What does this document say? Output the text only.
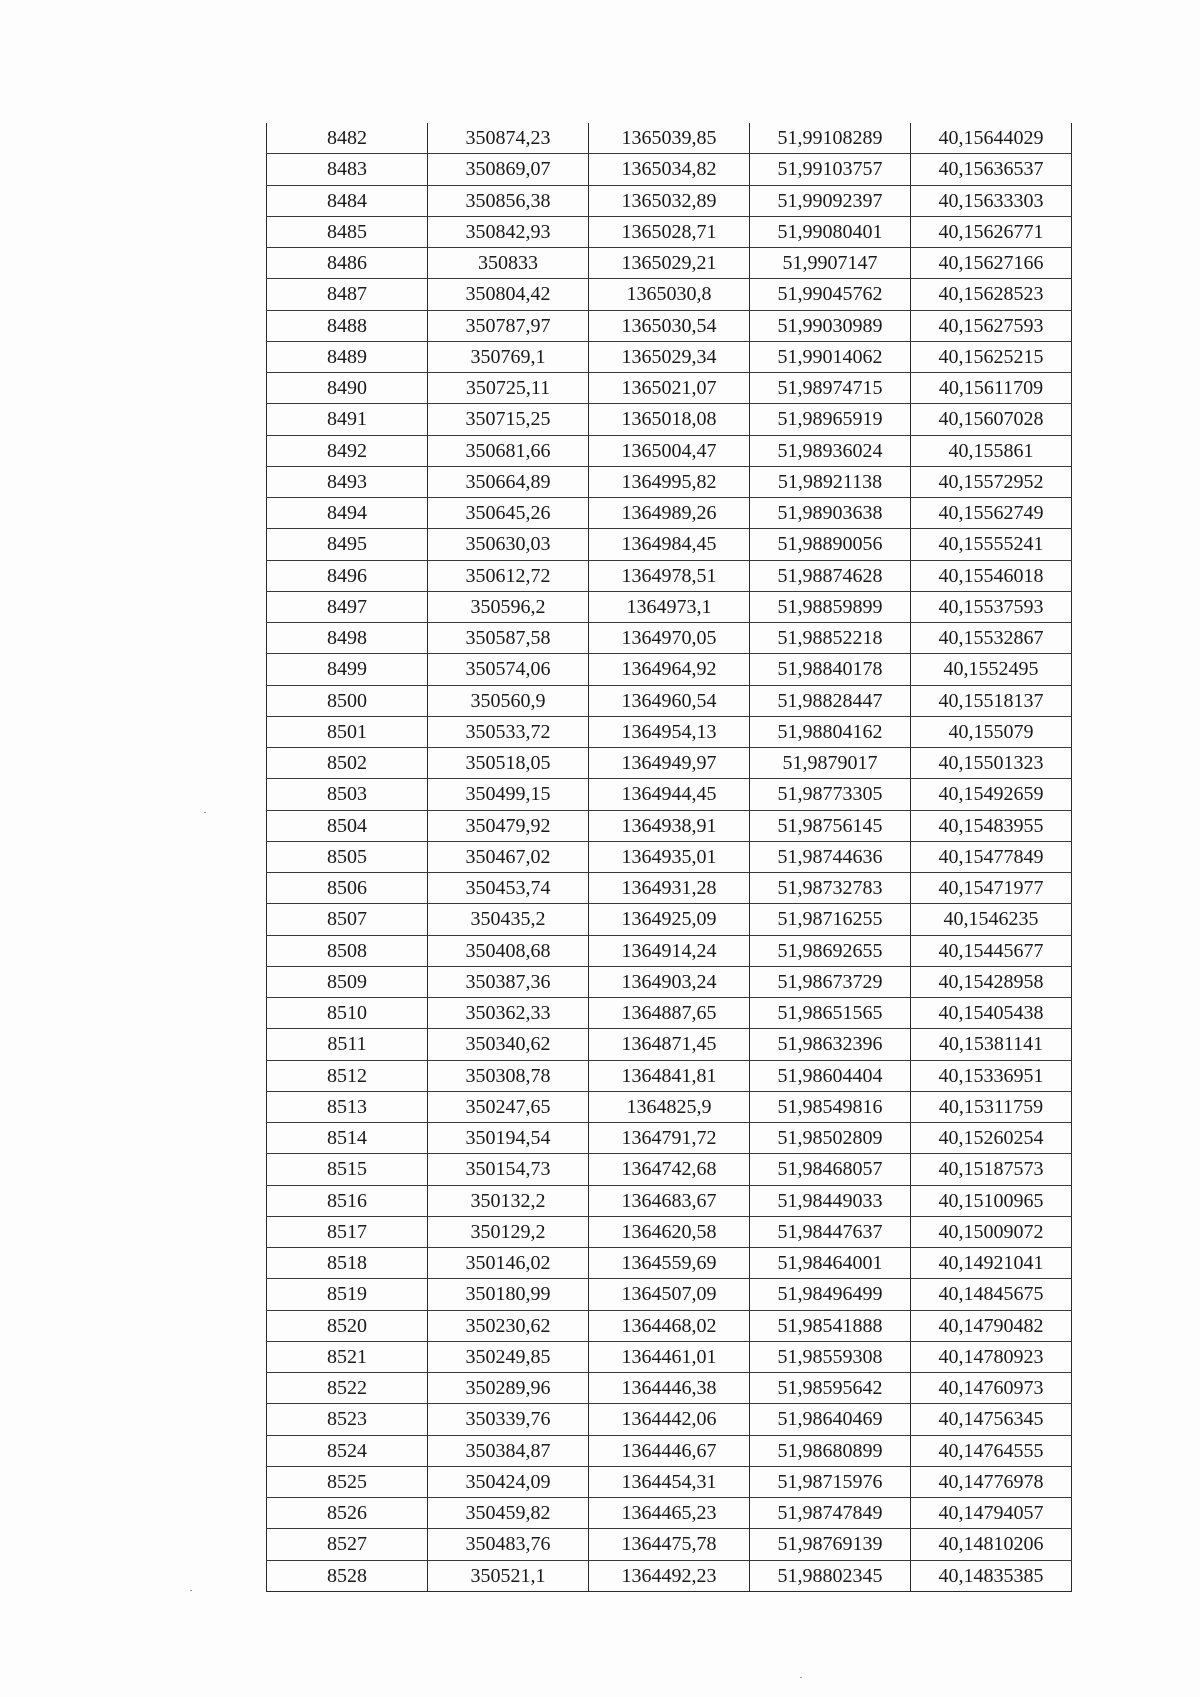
8482	350874,23	1365039,85	51,99108289	40,15644029
8483	350869,07	1365034,82	51,99103757	40,15636537
8484	350856,38	1365032,89	51,99092397	40,15633303
8485	350842,93	1365028,71	51,99080401	40,15626771
8486	350833	1365029,21	51,9907147	40,15627166
8487	350804,42	1365030,8	51,99045762	40,15628523
8488	350787,97	1365030,54	51,99030989	40,15627593
8489	350769,1	1365029,34	51,99014062	40,15625215
8490	350725,11	1365021,07	51,98974715	40,15611709
8491	350715,25	1365018,08	51,98965919	40,15607028
8492	350681,66	1365004,47	51,98936024	40,155861
8493	350664,89	1364995,82	51,98921138	40,15572952
8494	350645,26	1364989,26	51,98903638	40,15562749
8495	350630,03	1364984,45	51,98890056	40,15555241
8496	350612,72	1364978,51	51,98874628	40,15546018
8497	350596,2	1364973,1	51,98859899	40,15537593
8498	350587,58	1364970,05	51,98852218	40,15532867
8499	350574,06	1364964,92	51,98840178	40,1552495
8500	350560,9	1364960,54	51,98828447	40,15518137
8501	350533,72	1364954,13	51,98804162	40,155079
8502	350518,05	1364949,97	51,9879017	40,15501323
8503	350499,15	1364944,45	51,98773305	40,15492659
8504	350479,92	1364938,91	51,98756145	40,15483955
8505	350467,02	1364935,01	51,98744636	40,15477849
8506	350453,74	1364931,28	51,98732783	40,15471977
8507	350435,2	1364925,09	51,98716255	40,1546235
8508	350408,68	1364914,24	51,98692655	40,15445677
8509	350387,36	1364903,24	51,98673729	40,15428958
8510	350362,33	1364887,65	51,98651565	40,15405438
8511	350340,62	1364871,45	51,98632396	40,15381141
8512	350308,78	1364841,81	51,98604404	40,15336951
8513	350247,65	1364825,9	51,98549816	40,15311759
8514	350194,54	1364791,72	51,98502809	40,15260254
8515	350154,73	1364742,68	51,98468057	40,15187573
8516	350132,2	1364683,67	51,98449033	40,15100965
8517	350129,2	1364620,58	51,98447637	40,15009072
8518	350146,02	1364559,69	51,98464001	40,14921041
8519	350180,99	1364507,09	51,98496499	40,14845675
8520	350230,62	1364468,02	51,98541888	40,14790482
8521	350249,85	1364461,01	51,98559308	40,14780923
8522	350289,96	1364446,38	51,98595642	40,14760973
8523	350339,76	1364442,06	51,98640469	40,14756345
8524	350384,87	1364446,67	51,98680899	40,14764555
8525	350424,09	1364454,31	51,98715976	40,14776978
8526	350459,82	1364465,23	51,98747849	40,14794057
8527	350483,76	1364475,78	51,98769139	40,14810206
8528	350521,1	1364492,23	51,98802345	40,14835385
